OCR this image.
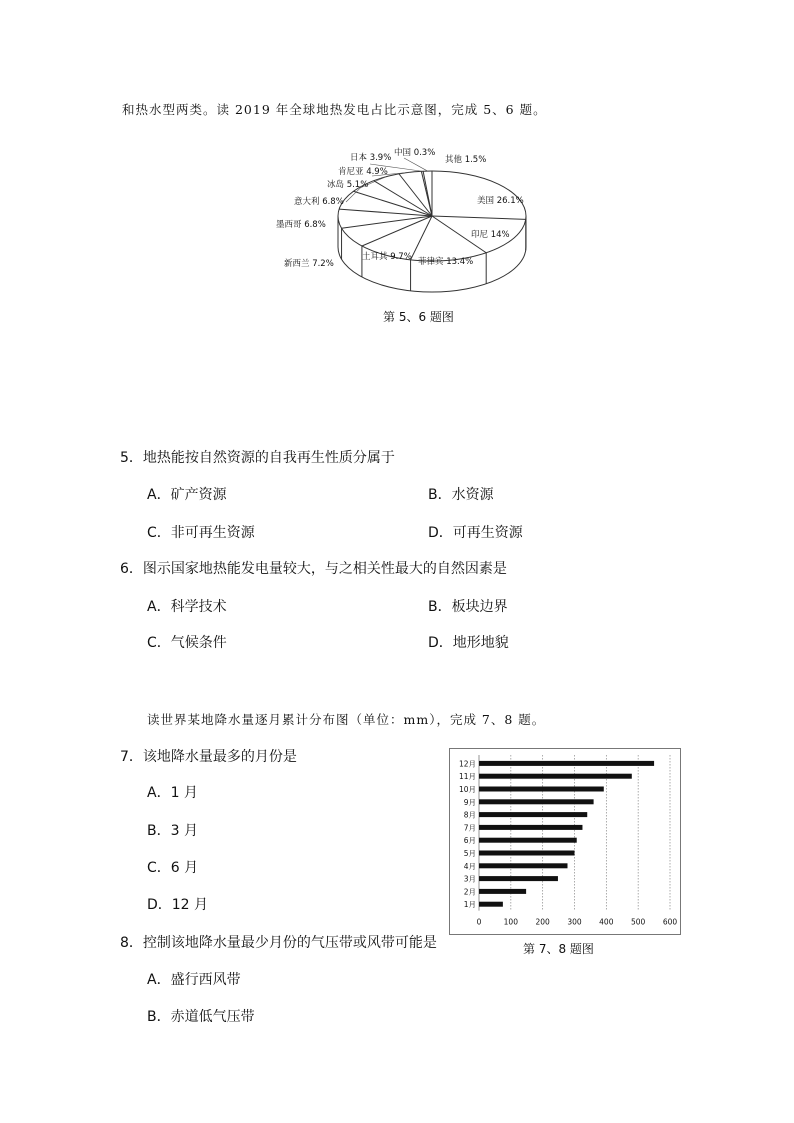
和热水型两类。读 2019 年全球地热发电占比示意图，完成 5、6 题。
中国 0.3%
其他 1.5%
日本 3.9%
肯尼亚 4.9%
冰岛 5.1%
意大利 6.8%
墨西哥 6.8%
新西兰 7.2%
土耳其 9.7% 菲律宾 13.4%
印尼 14%
美国 26.1%
第 5、6 题图
5．地热能按自然资源的自我再生性质分属于
A．矿产资源	B．水资源
C．非可再生资源	D．可再生资源
6．图示国家地热能发电量较大，与之相关性最大的自然因素是
A．科学技术	B．板块边界
C．气候条件	D．地形地貌
读世界某地降水量逐月累计分布图（单位：mm），完成 7、8 题。
7．该地降水量最多的月份是
A．1 月
B．3 月
C．6 月
D．12 月
8．控制该地降水量最少月份的气压带或风带可能是
A．盛行西风带
B．赤道低气压带
1月
2月
3月
4月
5月
6月
7月
8月
9月
10月
11月
12月
0	100 200 300 400 500 600
第 7、8 题图
